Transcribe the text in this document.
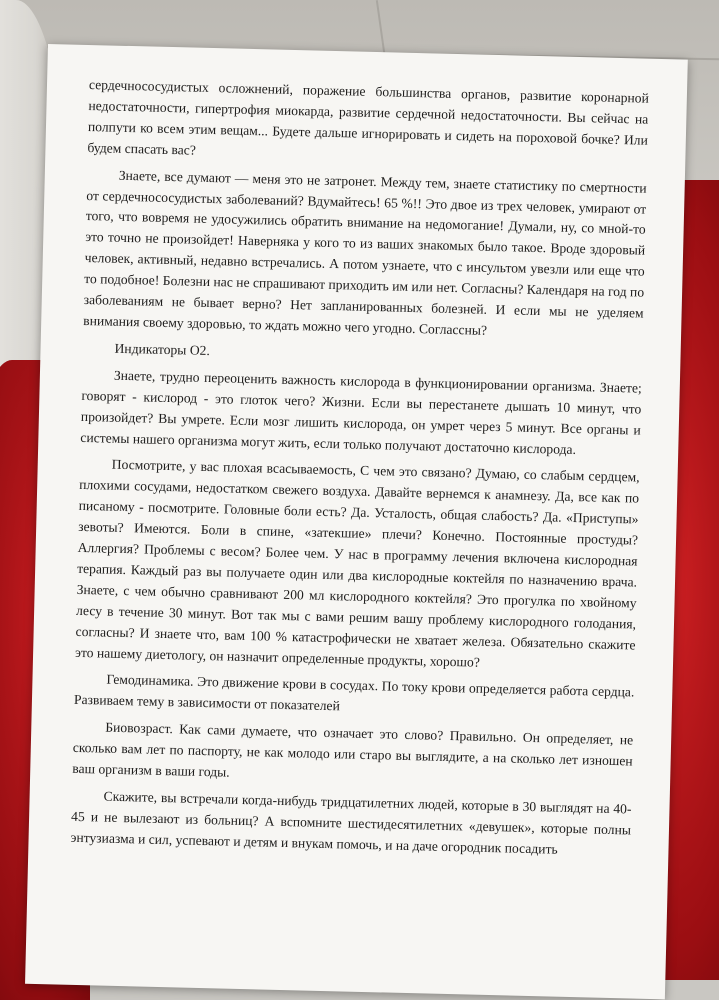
сердечнососудистых осложнений, поражение большинства органов, развитие коронарной недостаточности, гипертрофия миокарда, развитие сердечной недостаточности. Вы сейчас на полпути ко всем этим вещам... Будете дальше игнорировать и сидеть на пороховой бочке? Или будем спасать вас?

Знаете, все думают — меня это не затронет. Между тем, знаете статистику по смертности от сердечнососудистых заболеваний? Вдумайтесь! 65 %!! Это двое из трех человек, умирают от того, что вовремя не удосужились обратить внимание на недомогание! Думали, ну, со мной-то это точно не произойдет! Наверняка у кого то из ваших знакомых было такое. Вроде здоровый человек, активный, недавно встречались. А потом узнаете, что с инсультом увезли или еще что то подобное! Болезни нас не спрашивают приходить им или нет. Согласны? Календаря на год по заболеваниям не бывает верно? Нет запланированных болезней. И если мы не уделяем внимания своему здоровью, то ждать можно чего угодно. Соглассны?

Индикаторы О2.

Знаете, трудно переоценить важность кислорода в функционировании организма. Знаете; говорят - кислород - это глоток чего? Жизни. Если вы перестанете дышать 10 минут, что произойдет? Вы умрете. Если мозг лишить кислорода, он умрет через 5 минут. Все органы и системы нашего организма могут жить, если только получают достаточно кислорода.

Посмотрите, у вас плохая всасываемость, С чем это связано? Думаю, со слабым сердцем, плохими сосудами, недостатком свежего воздуха. Давайте вернемся к анамнезу. Да, все как по писаному - посмотрите. Головные боли есть? Да. Усталость, общая слабость? Да. «Приступы» зевоты? Имеются. Боли в спине, «затекшие» плечи? Конечно. Постоянные простуды? Аллергия? Проблемы с весом? Более чем. У нас в программу лечения включена кислородная терапия. Каждый раз вы получаете один или два кислородные коктейля по назначению врача. Знаете, с чем обычно сравнивают 200 мл кислородного коктейля? Это прогулка по хвойному лесу в течение 30 минут. Вот так мы с вами решим вашу проблему кислородного голодания, согласны? И знаете что, вам 100 % катастрофически не хватает железа. Обязательно скажите это нашему диетологу, он назначит определенные продукты, хорошо?

Гемодинамика. Это движение крови в сосудах. По току крови определяется работа сердца. Развиваем тему в зависимости от показателей

Биовозраст. Как сами думаете, что означает это слово? Правильно. Он определяет, не сколько вам лет по паспорту, не как молодо или старо вы выглядите, а на сколько лет изношен ваш организм в ваши годы.

Скажите, вы встречали когда-нибудь тридцатилетних людей, которые в 30 выглядят на 40-45 и не вылезают из больниц? А вспомните шестидесятилетних «девушек», которые полны энтузиазма и сил, успевают и детям и внукам помочь, и на даче огородник посадить
